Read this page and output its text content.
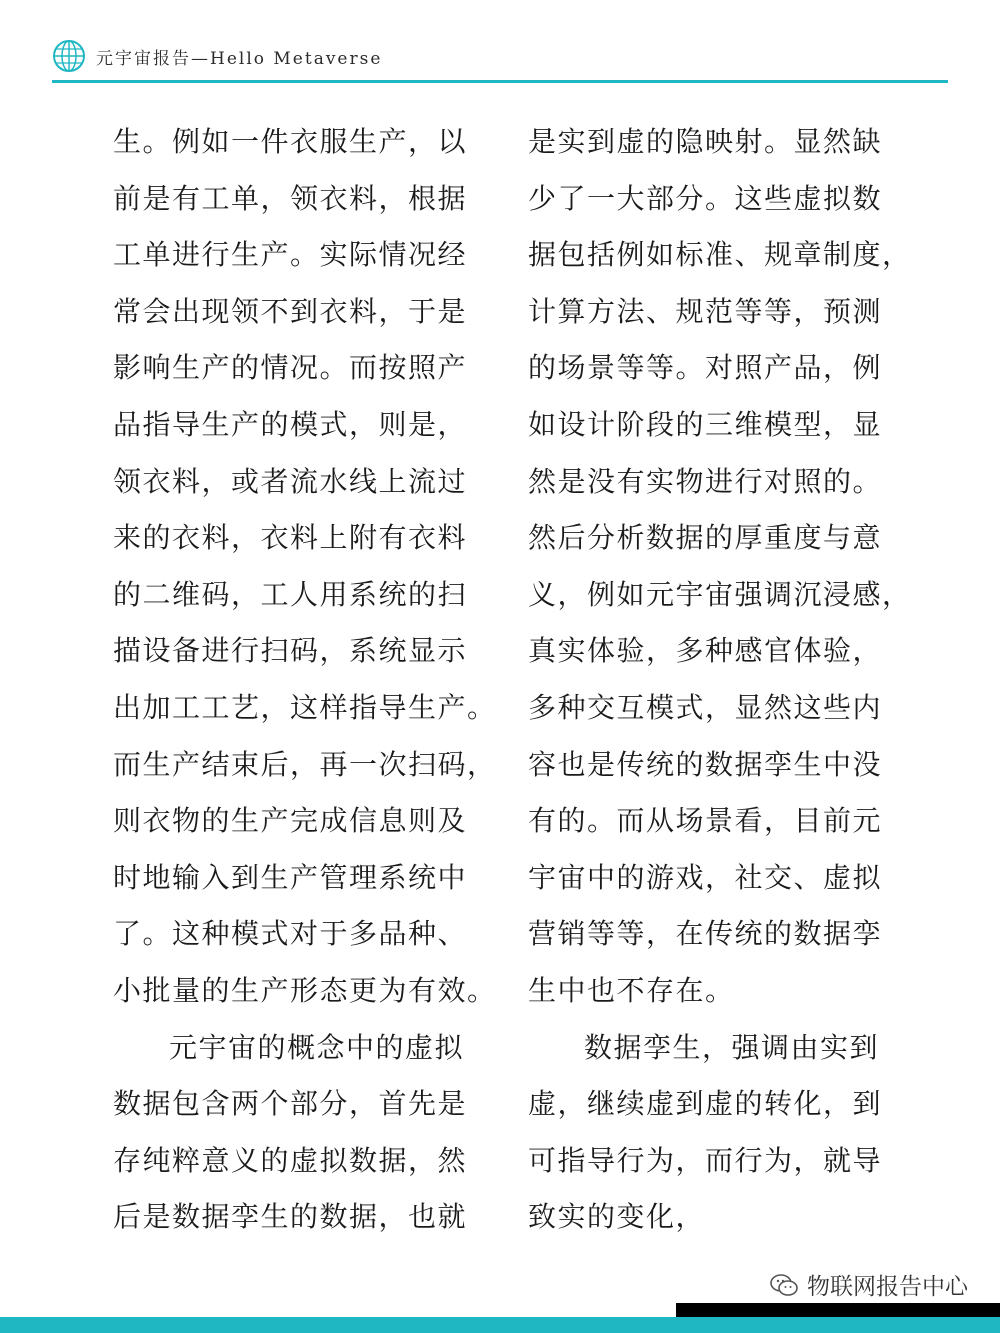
元宇宙报告—Hello Metaverse
生。例如一件衣服生产，以
前是有工单，领衣料，根据
工单进行生产。实际情况经
常会出现领不到衣料，于是
影响生产的情况。而按照产
品指导生产的模式，则是，
领衣料，或者流水线上流过
来的衣料，衣料上附有衣料
的二维码，工人用系统的扫
描设备进行扫码，系统显示
出加工工艺，这样指导生产。
而生产结束后，再一次扫码，
则衣物的生产完成信息则及
时地输入到生产管理系统中
了。这种模式对于多品种、
小批量的生产形态更为有效。
元宇宙的概念中的虚拟
数据包含两个部分，首先是
存纯粹意义的虚拟数据，然
后是数据孪生的数据，也就
是实到虚的隐映射。显然缺
少了一大部分。这些虚拟数
据包括例如标准、规章制度，
计算方法、规范等等，预测
的场景等等。对照产品，例
如设计阶段的三维模型，显
然是没有实物进行对照的。
然后分析数据的厚重度与意
义，例如元宇宙强调沉浸感，
真实体验，多种感官体验，
多种交互模式，显然这些内
容也是传统的数据孪生中没
有的。而从场景看，目前元
宇宙中的游戏，社交、虚拟
营销等等，在传统的数据孪
生中也不存在。
数据孪生，强调由实到
虚，继续虚到虚的转化，到
可指导行为，而行为，就导
致实的变化，
物联网报告中心
